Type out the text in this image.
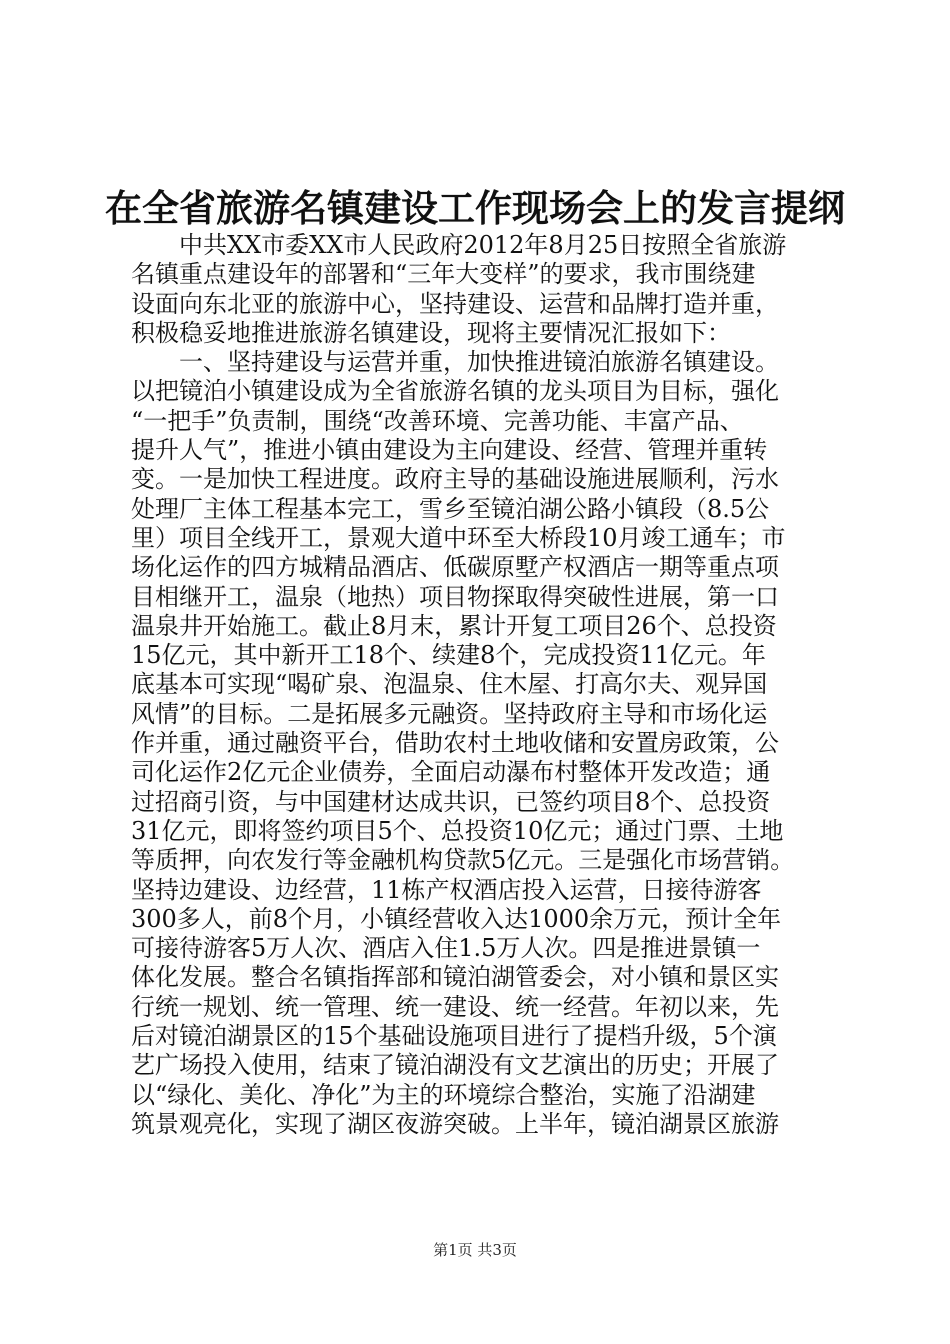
在全省旅游名镇建设工作现场会上的发言提纲
　　中共XX市委XX市人民政府2012年8月25日按照全省旅游
名镇重点建设年的部署和“三年大变样”的要求，我市围绕建
设面向东北亚的旅游中心，坚持建设、运营和品牌打造并重，
积极稳妥地推进旅游名镇建设，现将主要情况汇报如下：
　　一、坚持建设与运营并重，加快推进镜泊旅游名镇建设。
以把镜泊小镇建设成为全省旅游名镇的龙头项目为目标，强化
“一把手”负责制，围绕“改善环境、完善功能、丰富产品、
提升人气”，推进小镇由建设为主向建设、经营、管理并重转
变。一是加快工程进度。政府主导的基础设施进展顺利，污水
处理厂主体工程基本完工，雪乡至镜泊湖公路小镇段（8.5公
里）项目全线开工，景观大道中环至大桥段10月竣工通车；市
场化运作的四方城精品酒店、低碳原墅产权酒店一期等重点项
目相继开工，温泉（地热）项目物探取得突破性进展，第一口
温泉井开始施工。截止8月末，累计开复工项目26个、总投资
15亿元，其中新开工18个、续建8个，完成投资11亿元。年
底基本可实现“喝矿泉、泡温泉、住木屋、打高尔夫、观异国
风情”的目标。二是拓展多元融资。坚持政府主导和市场化运
作并重，通过融资平台，借助农村土地收储和安置房政策，公
司化运作2亿元企业债券，全面启动瀑布村整体开发改造；通
过招商引资，与中国建材达成共识，已签约项目8个、总投资
31亿元，即将签约项目5个、总投资10亿元；通过门票、土地
等质押，向农发行等金融机构贷款5亿元。三是强化市场营销。
坚持边建设、边经营，11栋产权酒店投入运营，日接待游客
300多人，前8个月，小镇经营收入达1000余万元，预计全年
可接待游客5万人次、酒店入住1.5万人次。四是推进景镇一
体化发展。整合名镇指挥部和镜泊湖管委会，对小镇和景区实
行统一规划、统一管理、统一建设、统一经营。年初以来，先
后对镜泊湖景区的15个基础设施项目进行了提档升级，5个演
艺广场投入使用，结束了镜泊湖没有文艺演出的历史；开展了
以“绿化、美化、净化”为主的环境综合整治，实施了沿湖建
筑景观亮化，实现了湖区夜游突破。上半年，镜泊湖景区旅游
第1页 共3页
